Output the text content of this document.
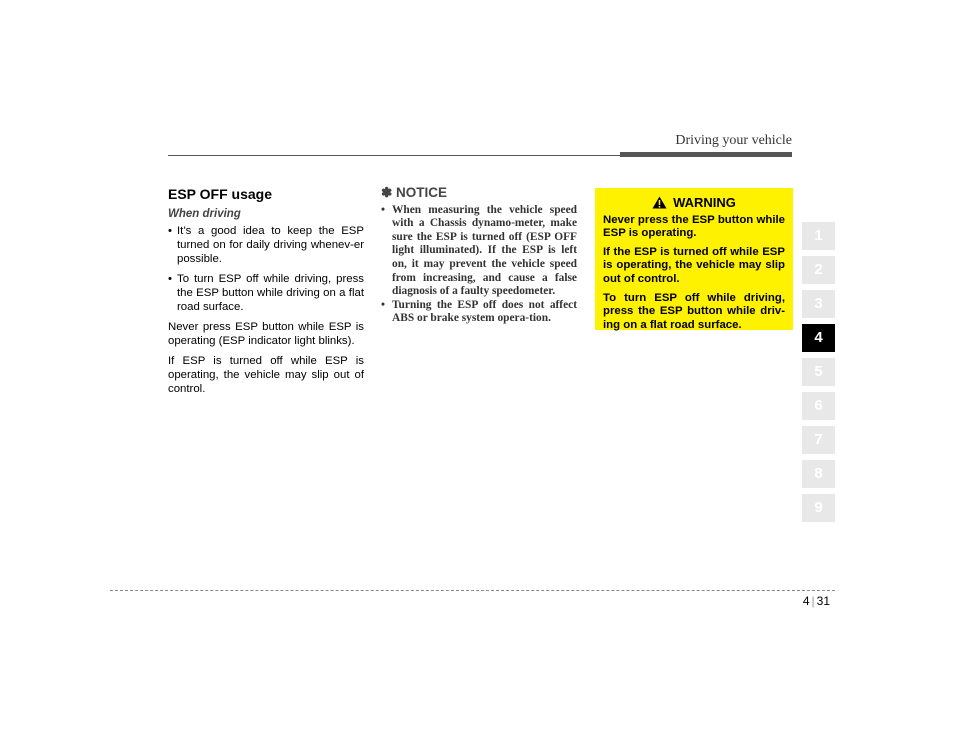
Driving your vehicle
ESP OFF usage
When driving
• It’s a good idea to keep the ESP turned on for daily driving whenev-er possible.
• To turn ESP off while driving, press the ESP button while driving on a flat road surface.

Never press ESP button while ESP is operating (ESP indicator light blinks).

If ESP is turned off while ESP is operating, the vehicle may slip out of control.

✽ NOTICE
• When measuring the vehicle speed with a Chassis dynamo-meter, make sure the ESP is turned off (ESP OFF light illuminated). If the ESP is left on, it may prevent the vehicle speed from increasing, and cause a false diagnosis of a faulty speedometer.
• Turning the ESP off does not affect ABS or brake system opera-tion.
WARNING

Never press the ESP button while ESP is operating.

If the ESP is turned off while ESP is operating, the vehicle may slip out of control.

To turn ESP off while driving, press the ESP button while driv-ing on a flat road surface.

1
2
3
4
5
6
7
8
9
4 | 31
